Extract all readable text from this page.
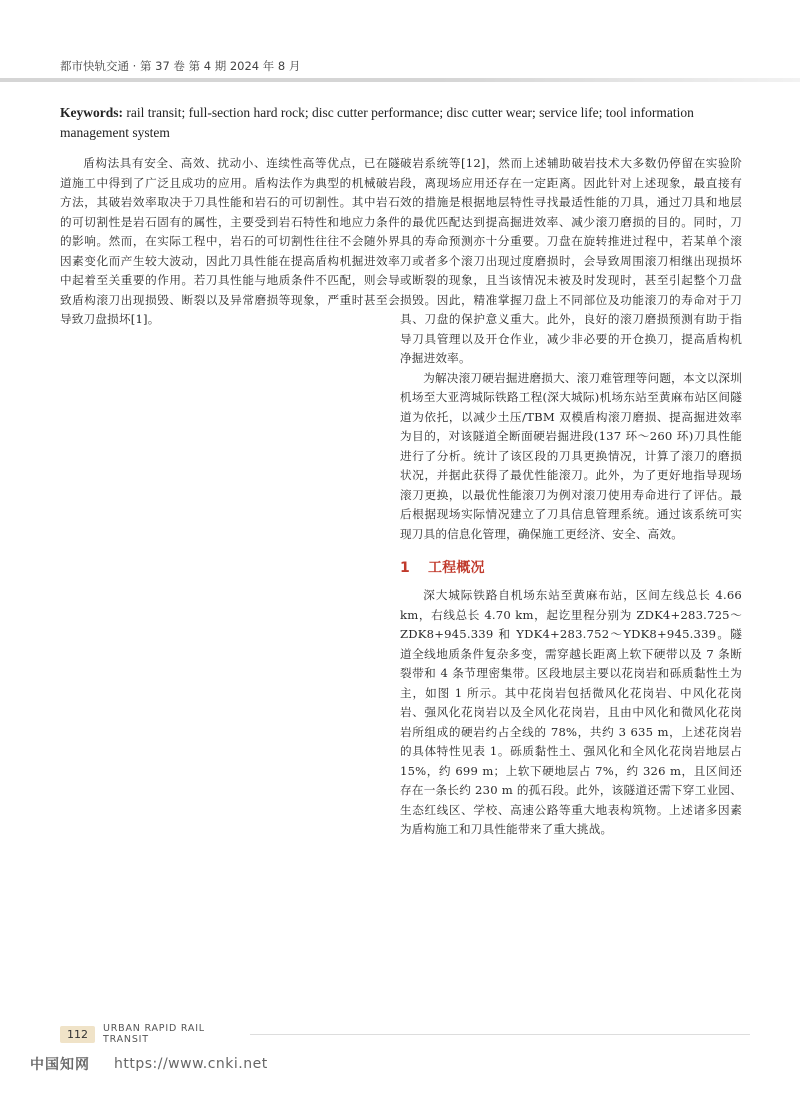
都市快轨交通 · 第 37 卷 第 4 期 2024 年 8 月
Keywords: rail transit; full-section hard rock; disc cutter performance; disc cutter wear; service life; tool information management system

盾构法具有安全、高效、扰动小、连续性高等优点，已在隧道施工中得到了广泛且成功的应用。盾构法作为典型的机械破岩方法，其破岩效率取决于刀具性能和岩石的可切割性。其中岩石的可切割性是岩石固有的属性，主要受到岩石特性和地应力条件的影响。然而，在实际工程中，岩石的可切割性往往不会随外界因素变化而产生较大波动，因此刀具性能在提高盾构机掘进效率中起着至关重要的作用。若刀具性能与地质条件不匹配，则会导致盾构滚刀出现损毁、断裂以及异常磨损等现象，严重时甚至会导致刀盘损坏[1]。

破岩系统等[12]，然而上述辅助破岩技术大多数仍停留在实验阶段，离现场应用还存在一定距离。因此针对上述现象，最直接有效的措施是根据地层特性寻找最适性能的刀具，通过刀具和地层的最优匹配达到提高掘进效率、减少滚刀磨损的目的。同时，刀具的寿命预测亦十分重要。刀盘在旋转推进过程中，若某单个滚刀或者多个滚刀出现过度磨损时，会导致周围滚刀相继出现损坏或断裂的现象，且当该情况未被及时发现时，甚至引起整个刀盘损毁。因此，精准掌握刀盘上不同部位及功能滚刀的寿命对于刀具、刀盘的保护意义重大。此外，良好的滚刀磨损预测有助于指导刀具管理以及开仓作业，减少非必要的开仓换刀，提高盾构机净掘进效率。

为解决滚刀硬岩掘进磨损大、滚刀难管理等问题，本文以深圳机场至大亚湾城际铁路工程(深大城际)机场东站至黄麻布站区间隧道为依托，以减少土压/TBM 双模盾构滚刀磨损、提高掘进效率为目的，对该隧道全断面硬岩掘进段(137 环～260 环)刀具性能进行了分析。统计了该区段的刀具更换情况，计算了滚刀的磨损状况，并据此获得了最优性能滚刀。此外，为了更好地指导现场滚刀更换，以最优性能滚刀为例对滚刀使用寿命进行了评估。最后根据现场实际情况建立了刀具信息管理系统。通过该系统可实现刀具的信息化管理，确保施工更经济、安全、高效。

1 工程概况

深大城际铁路自机场东站至黄麻布站，区间左线总长 4.66 km，右线总长 4.70 km，起讫里程分别为 ZDK4+283.725～ZDK8+945.339 和 YDK4+283.752～YDK8+945.339。隧道全线地质条件复杂多变，需穿越长距离上软下硬带以及 7 条断裂带和 4 条节理密集带。区段地层主要以花岗岩和砾质黏性土为主，如图 1 所示。其中花岗岩包括微风化花岗岩、中风化花岗岩、强风化花岗岩以及全风化花岗岩，且由中风化和微风化花岗岩所组成的硬岩约占全线的 78%，共约 3 635 m，上述花岗岩的具体特性见表 1。砾质黏性土、强风化和全风化花岗岩地层占 15%，约 699 m；上软下硬地层占 7%，约 326 m，且区间还存在一条长约 230 m 的孤石段。此外，该隧道还需下穿工业园、生态红线区、学校、高速公路等重大地表构筑物。上述诸多因素为盾构施工和刀具性能带来了重大挑战。

112	URBAN RAPID RAIL TRANSIT
中国知网 https://www.cnki.net
